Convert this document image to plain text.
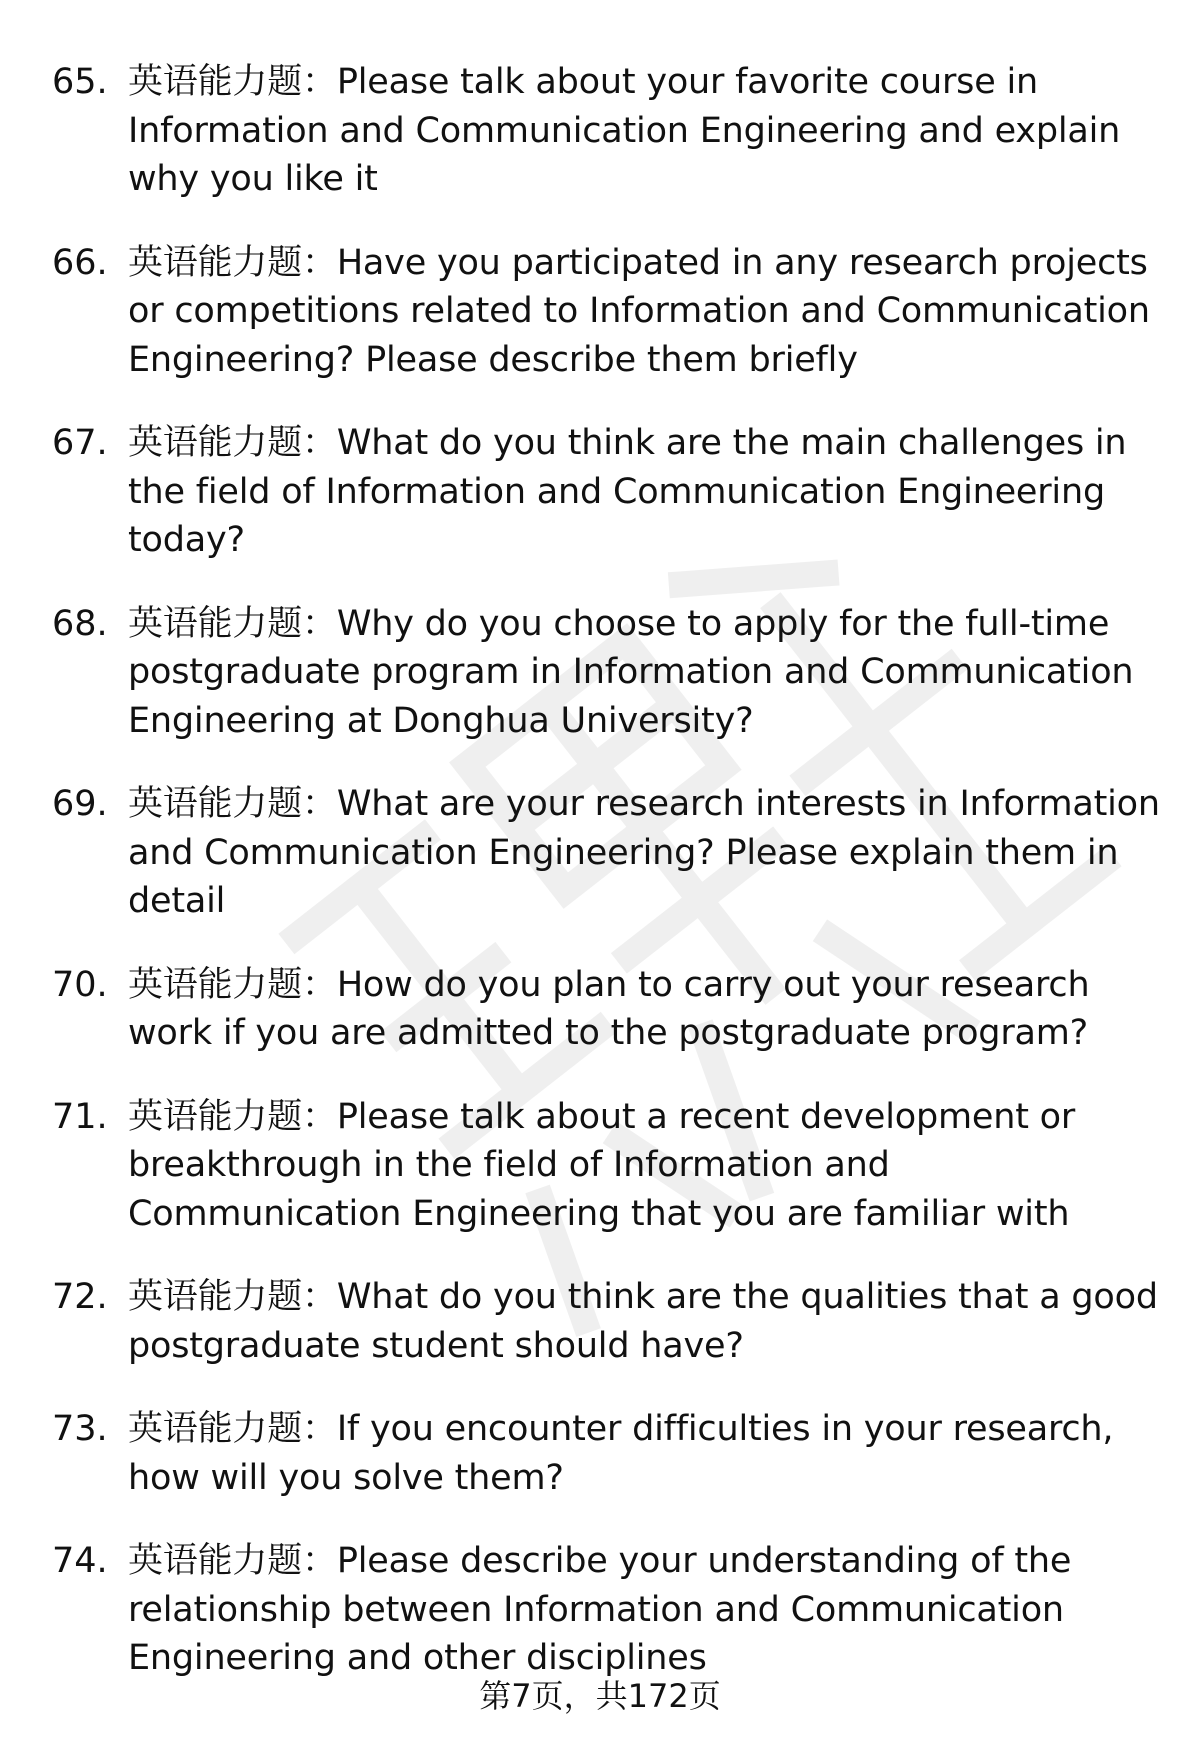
65. 英语能力题：Please talk about your favorite course in Information and Communication Engineering and explain why you like it
66. 英语能力题：Have you participated in any research projects or competitions related to Information and Communication Engineering? Please describe them briefly
67. 英语能力题：What do you think are the main challenges in the field of Information and Communication Engineering today?
68. 英语能力题：Why do you choose to apply for the full-time postgraduate program in Information and Communication Engineering at Donghua University?
69. 英语能力题：What are your research interests in Information and Communication Engineering? Please explain them in detail
70. 英语能力题：How do you plan to carry out your research work if you are admitted to the postgraduate program?
71. 英语能力题：Please talk about a recent development or breakthrough in the field of Information and Communication Engineering that you are familiar with
72. 英语能力题：What do you think are the qualities that a good postgraduate student should have?
73. 英语能力题：If you encounter difficulties in your research, how will you solve them?
74. 英语能力题：Please describe your understanding of the relationship between Information and Communication Engineering and other disciplines
第7页，共172页
